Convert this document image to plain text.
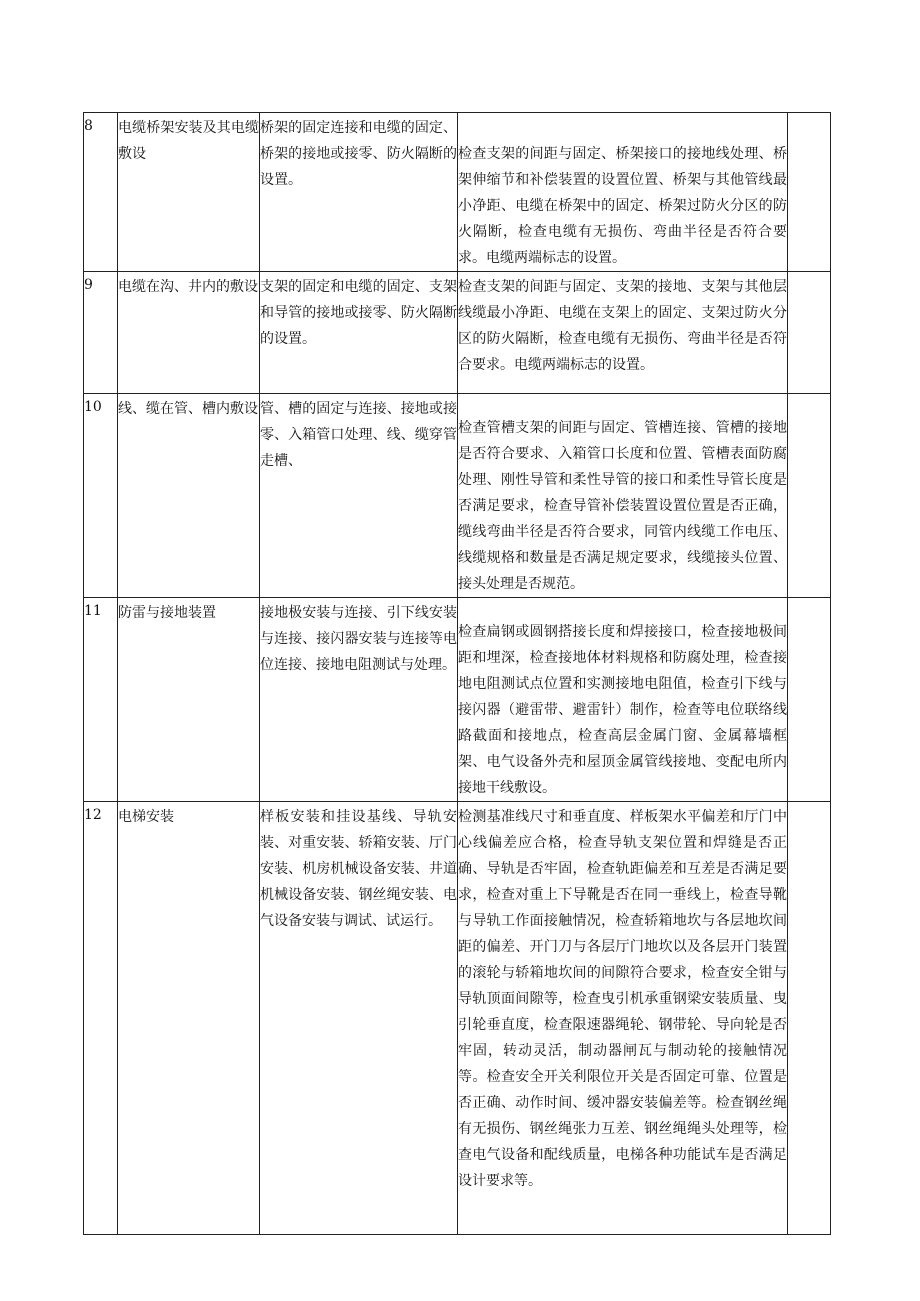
8	电缆桥架安装及其电缆敷设	桥架的固定连接和电缆的固定、桥架的接地或接零、防火隔断的设置。	检查支架的间距与固定、桥架接口的接地线处理、桥架伸缩节和补偿装置的设置位置、桥架与其他管线最小净距、电缆在桥架中的固定、桥架过防火分区的防火隔断，检查电缆有无损伤、弯曲半径是否符合要求。电缆两端标志的设置。	

9	电缆在沟、井内的敷设	支架的固定和电缆的固定、支架和导管的接地或接零、防火隔断的设置。	检查支架的间距与固定、支架的接地、支架与其他层线缆最小净距、电缆在支架上的固定、支架过防火分区的防火隔断，检查电缆有无损伤、弯曲半径是否符合要求。电缆两端标志的设置。	

10	线、缆在管、槽内敷设	管、槽的固定与连接、接地或接零、入箱管口处理、线、缆穿管走槽、	检查管槽支架的间距与固定、管槽连接、管槽的接地是否符合要求、入箱管口长度和位置、管槽表面防腐处理、刚性导管和柔性导管的接口和柔性导管长度是否满足要求，检查导管补偿装置设置位置是否正确，缆线弯曲半径是否符合要求，同管内线缆工作电压、线缆规格和数量是否满足规定要求，线缆接头位置、接头处理是否规范。	

11	防雷与接地装置	接地极安装与连接、引下线安装与连接、接闪器安装与连接等电位连接、接地电阻测试与处理。	检查扁钢或圆钢搭接长度和焊接接口，检查接地极间距和埋深，检查接地体材料规格和防腐处理，检查接地电阻测试点位置和实测接地电阻值，检查引下线与接闪器（避雷带、避雷针）制作，检查等电位联络线路截面和接地点，检查高层金属门窗、金属幕墙框架、电气设备外壳和屋顶金属管线接地、变配电所内接地干线敷设。	

12	电梯安装	样板安装和挂设基线、导轨安装、对重安装、轿箱安装、厅门安装、机房机械设备安装、井道机械设备安装、钢丝绳安装、电气设备安装与调试、试运行。	检测基准线尺寸和垂直度、样板架水平偏差和厅门中心线偏差应合格，检查导轨支架位置和焊缝是否正确、导轨是否牢固，检查轨距偏差和互差是否满足要求，检查对重上下导靴是否在同一垂线上，检查导靴与导轨工作面接触情况，检查轿箱地坎与各层地坎间距的偏差、开门刀与各层厅门地坎以及各层开门装置的滚轮与轿箱地坎间的间隙符合要求，检查安全钳与导轨顶面间隙等，检查曳引机承重钢梁安装质量、曳引轮垂直度，检查限速器绳轮、钢带轮、导向轮是否牢固，转动灵活，制动器闸瓦与制动轮的接触情况等。检查安全开关利限位开关是否固定可靠、位置是否正确、动作时间、缓冲器安装偏差等。检查钢丝绳有无损伤、钢丝绳张力互差、钢丝绳绳头处理等，检查电气设备和配线质量，电梯各种功能试车是否满足设计要求等。	
